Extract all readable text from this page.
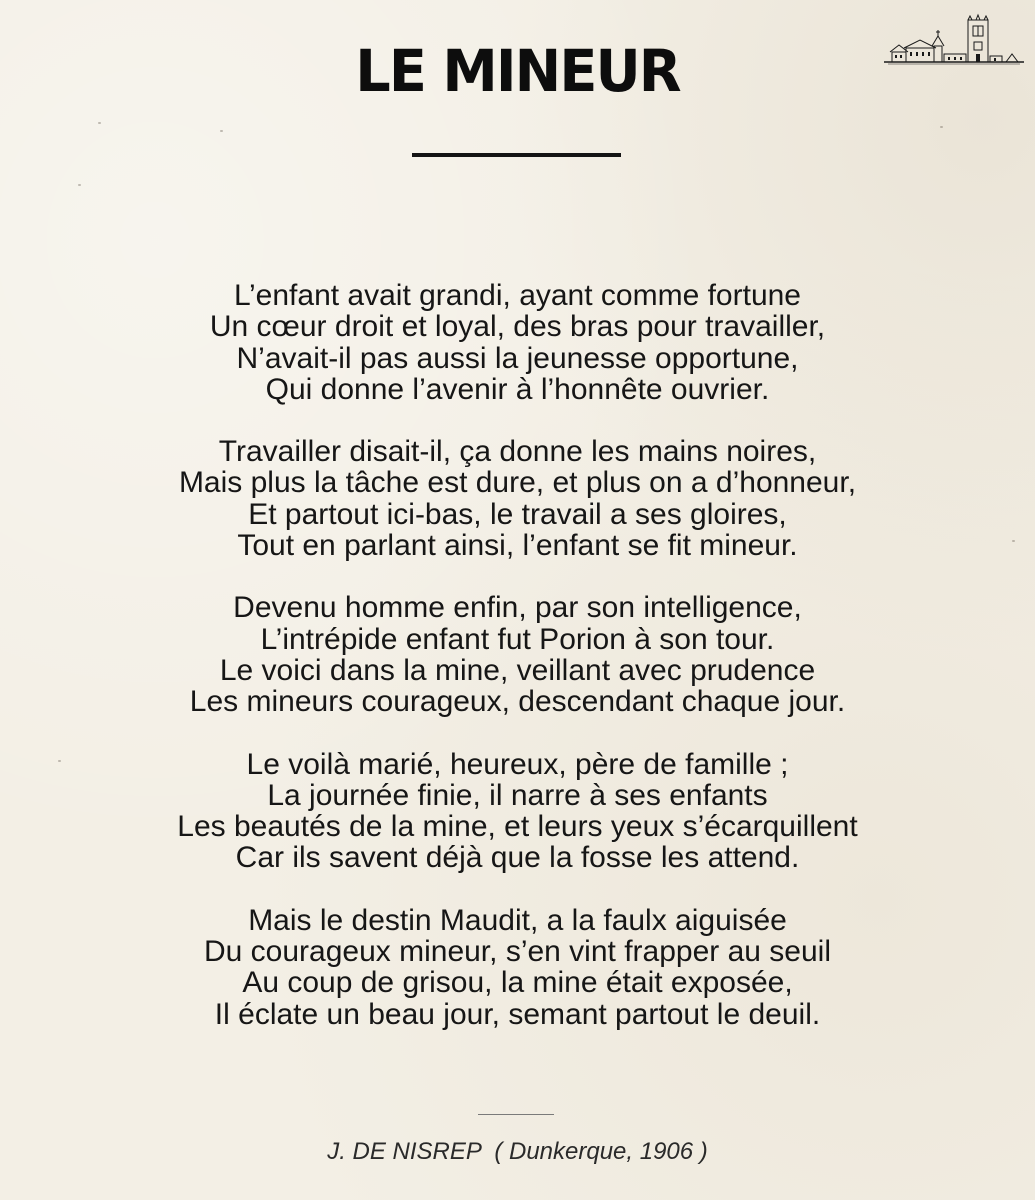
LE MINEUR
L’enfant avait grandi, ayant comme fortune
Un cœur droit et loyal, des bras pour travailler,
N’avait-il pas aussi la jeunesse opportune,
Qui donne l’avenir à l’honnête ouvrier.
Travailler disait-il, ça donne les mains noires,
Mais plus la tâche est dure, et plus on a d’honneur,
Et partout ici-bas, le travail a ses gloires,
Tout en parlant ainsi, l’enfant se fit mineur.
Devenu homme enfin, par son intelligence,
L’intrépide enfant fut Porion à son tour.
Le voici dans la mine, veillant avec prudence
Les mineurs courageux, descendant chaque jour.
Le voilà marié, heureux, père de famille ;
La journée finie, il narre à ses enfants
Les beautés de la mine, et leurs yeux s’écarquillent
Car ils savent déjà que la fosse les attend.
Mais le destin Maudit, a la faulx aiguisée
Du courageux mineur, s’en vint frapper au seuil
Au coup de grisou, la mine était exposée,
Il éclate un beau jour, semant partout le deuil.
J. DE NISREP  ( Dunkerque, 1906 )
